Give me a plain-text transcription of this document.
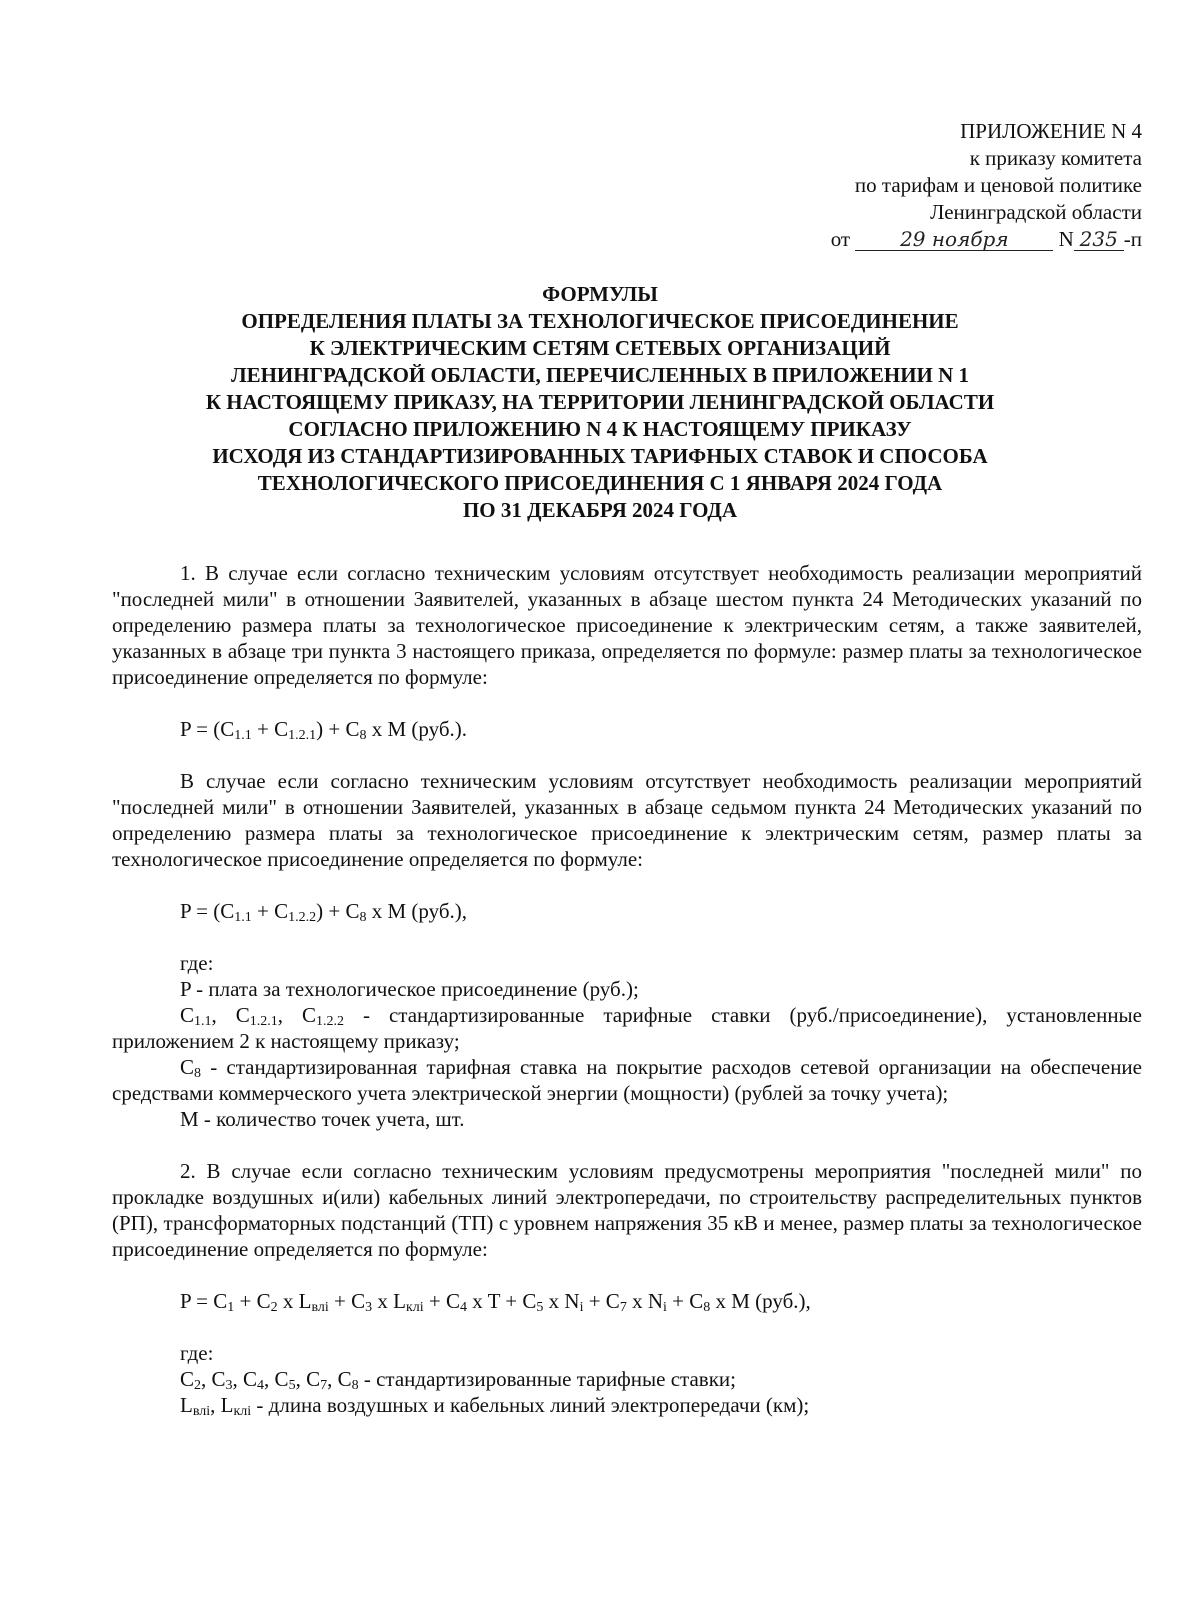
ПРИЛОЖЕНИЕ N 4
к приказу комитета
по тарифам и ценовой политике
Ленинградской области
от 29 ноября N 235 -п
ФОРМУЛЫ
ОПРЕДЕЛЕНИЯ ПЛАТЫ ЗА ТЕХНОЛОГИЧЕСКОЕ ПРИСОЕДИНЕНИЕ
К ЭЛЕКТРИЧЕСКИМ СЕТЯМ СЕТЕВЫХ ОРГАНИЗАЦИЙ
ЛЕНИНГРАДСКОЙ ОБЛАСТИ, ПЕРЕЧИСЛЕННЫХ В ПРИЛОЖЕНИИ N 1
К НАСТОЯЩЕМУ ПРИКАЗУ, НА ТЕРРИТОРИИ ЛЕНИНГРАДСКОЙ ОБЛАСТИ
СОГЛАСНО ПРИЛОЖЕНИЮ N 4 К НАСТОЯЩЕМУ ПРИКАЗУ
ИСХОДЯ ИЗ СТАНДАРТИЗИРОВАННЫХ ТАРИФНЫХ СТАВОК И СПОСОБА
ТЕХНОЛОГИЧЕСКОГО ПРИСОЕДИНЕНИЯ С 1 ЯНВАРЯ 2024 ГОДА
ПО 31 ДЕКАБРЯ 2024 ГОДА

1. В случае если согласно техническим условиям отсутствует необходимость реализации мероприятий "последней мили" в отношении Заявителей, указанных в абзаце шестом пункта 24 Методических указаний по определению размера платы за технологическое присоединение к электрическим сетям, а также заявителей, указанных в абзаце три пункта 3 настоящего приказа, определяется по формуле: размер платы за технологическое присоединение определяется по формуле:

$P = (C_{1.1} + C_{1.2.1}) + C_8$ x M (руб.).

В случае если согласно техническим условиям отсутствует необходимость реализации мероприятий "последней мили" в отношении Заявителей, указанных в абзаце седьмом пункта 24 Методических указаний по определению размера платы за технологическое присоединение к электрическим сетям, размер платы за технологическое присоединение определяется по формуле:

$P = (C_{1.1} + C_{1.2.2}) + C_8$ x M (руб.),

где:

P - плата за технологическое присоединение (руб.);

$C_{1.1}$, $C_{1.2.1}$, $C_{1.2.2}$ - стандартизированные тарифные ставки (руб./присоединение), установленные приложением 2 к настоящему приказу;

$C_8$ - стандартизированная тарифная ставка на покрытие расходов сетевой организации на обеспечение средствами коммерческого учета электрической энергии (мощности) (рублей за точку учета);

M - количество точек учета, шт.

2. В случае если согласно техническим условиям предусмотрены мероприятия "последней мили" по прокладке воздушных и(или) кабельных линий электропередачи, по строительству распределительных пунктов (РП), трансформаторных подстанций (ТП) с уровнем напряжения 35 кВ и менее, размер платы за технологическое присоединение определяется по формуле:

$P = C_1 + C_2$ x $L_{влi} + C_3$ x $L_{клi} + C_4$ x $T + C_5$ x $N_i + C_7$ x $N_i + C_8$ x M (руб.),

где:

$C_2$, $C_3$, $C_4$, $C_5$, $C_7$, $C_8$ - стандартизированные тарифные ставки;

$L_{влi}$, $L_{клi}$ - длина воздушных и кабельных линий электропередачи (км);
